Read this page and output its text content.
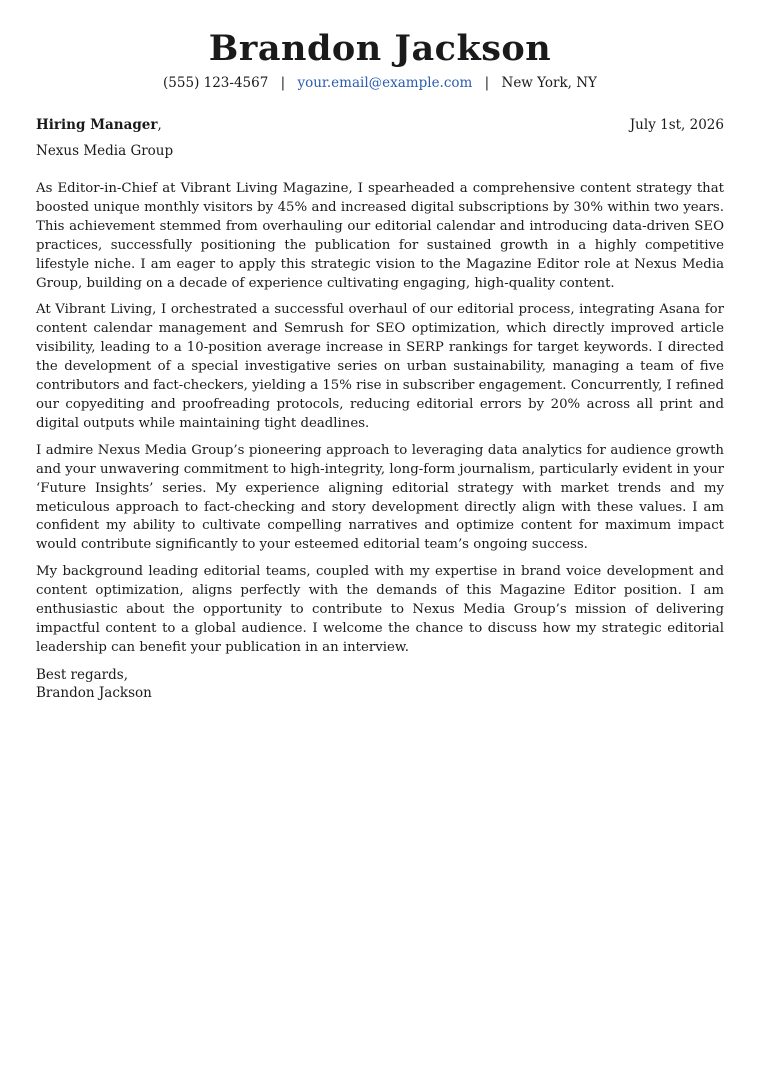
Brandon Jackson
(555) 123-4567 | your.email@example.com | New York, NY
Hiring Manager,	July 1st, 2026
Nexus Media Group

As Editor-in-Chief at Vibrant Living Magazine, I spearheaded a comprehensive content strategy that boosted unique monthly visitors by 45% and increased digital subscriptions by 30% within two years. This achievement stemmed from overhauling our editorial calendar and introducing data-driven SEO practices, successfully positioning the publication for sustained growth in a highly competitive lifestyle niche. I am eager to apply this strategic vision to the Magazine Editor role at Nexus Media Group, building on a decade of experience cultivating engaging, high-quality content.

At Vibrant Living, I orchestrated a successful overhaul of our editorial process, integrating Asana for content calendar management and Semrush for SEO optimization, which directly improved article visibility, leading to a 10-position average increase in SERP rankings for target keywords. I directed the development of a special investigative series on urban sustainability, managing a team of five contributors and fact-checkers, yielding a 15% rise in subscriber engagement. Concurrently, I refined our copyediting and proofreading protocols, reducing editorial errors by 20% across all print and digital outputs while maintaining tight deadlines.

I admire Nexus Media Group’s pioneering approach to leveraging data analytics for audience growth and your unwavering commitment to high-integrity, long-form journalism, particularly evident in your ‘Future Insights’ series. My experience aligning editorial strategy with market trends and my meticulous approach to fact-checking and story development directly align with these values. I am confident my ability to cultivate compelling narratives and optimize content for maximum impact would contribute significantly to your esteemed editorial team’s ongoing success.

My background leading editorial teams, coupled with my expertise in brand voice development and content optimization, aligns perfectly with the demands of this Magazine Editor position. I am enthusiastic about the opportunity to contribute to Nexus Media Group’s mission of delivering impactful content to a global audience. I welcome the chance to discuss how my strategic editorial leadership can benefit your publication in an interview.

Best regards,
Brandon Jackson
